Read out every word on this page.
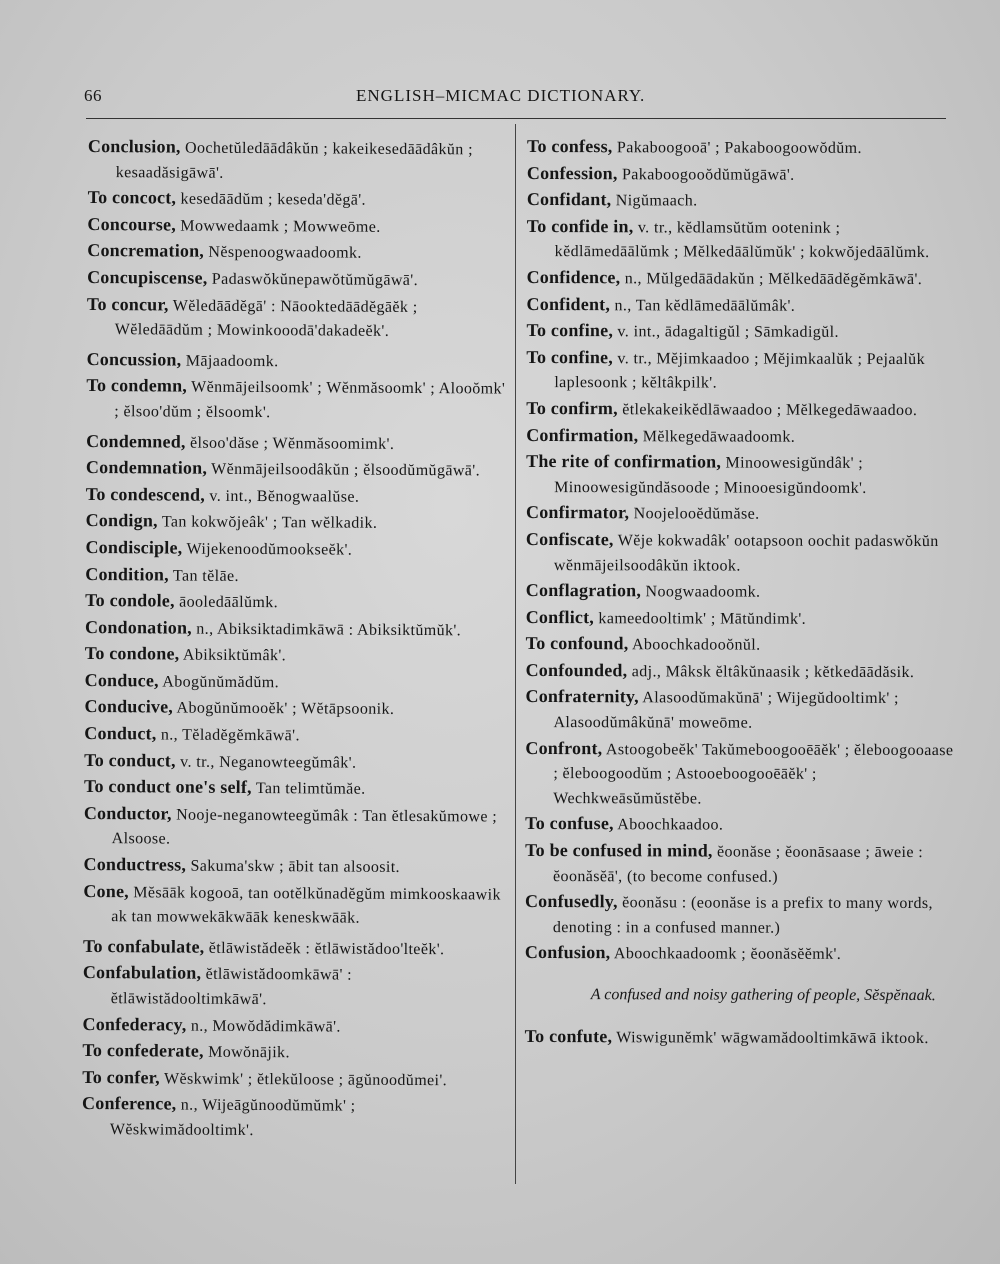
66	ENGLISH–MICMAC DICTIONARY.

Conclusion, Oochetŭledāādâkŭn ; kakeikesedāādâkŭn ; kesaadăsigāwā'.

To concoct, kesedāādŭm ; keseda'dĕgā'.

Concourse, Mowwedaamk ; Mowweōme.

Concremation, Nĕspenoogwaadoomk.

Concupiscense, Padaswŏkŭnepawŏtŭmŭgāwā'.

To concur, Wĕledāādĕgā' : Nāooktedāādĕgāĕk ; Wĕledāādŭm ; Mowinkooodā'dakadeĕk'.

Concussion, Mājaadoomk.

To condemn, Wĕnmājeilsoomk' ; Wĕnmăsoomk' ; Alooŏmk' ; ĕlsoo'dŭm ; ĕlsoomk'.

Condemned, ĕlsoo'dăse ; Wĕnmăsoomimk'.

Condemnation, Wĕnmājeilsoodâkŭn ; ĕlsoodŭmŭgāwā'.

To condescend, v. int., Bĕnogwaalŭse.

Condign, Tan kokwŏjeâk' ; Tan wĕlkadik.

Condisciple, Wijekenoodŭmookseĕk'.

Condition, Tan tĕlāe.

To condole, āooledāālŭmk.

Condonation, n., Abiksiktadimkāwā : Abiksiktŭmŭk'.

To condone, Abiksiktŭmâk'.

Conduce, Abogŭnŭmădŭm.

Conducive, Abogŭnŭmooĕk' ; Wĕtāpsoonik.

Conduct, n., Tĕladĕgĕmkāwā'.

To conduct, v. tr., Neganowteegŭmâk'.

To conduct one's self, Tan telimtŭmăe.

Conductor, Nooje-neganowteegŭmâk : Tan ĕtlesakŭmowe ; Alsoose.

Conductress, Sakuma'skw ; ābit tan alsoosit.

Cone, Mĕsāāk kogooā, tan ootĕlkŭnadĕgŭm mimkooskaawik ak tan mowwekākwāāk keneskwāāk.

To confabulate, ĕtlāwistădeĕk : ĕtlāwistădoo'lteĕk'.

Confabulation, ĕtlāwistădoomkāwā' : ĕtlāwistădooltimkāwā'.

Confederacy, n., Mowŏdădimkāwā'.

To confederate, Mowŏnājik.

To confer, Wĕskwimk' ; ĕtlekŭloose ; āgŭnoodŭmei'.

Conference, n., Wijeāgŭnoodŭmŭmk' ; Wĕskwimădooltimk'.

To confess, Pakaboogooā' ; Pakaboogoowŏdŭm.

Confession, Pakaboogooŏdŭmŭgāwā'.

Confidant, Nigŭmaach.

To confide in, v. tr., kĕdlamsŭtŭm ootenink ; kĕdlāmedāālŭmk ; Mĕlkedāālŭmŭk' ; kokwŏjedāālŭmk.

Confidence, n., Mŭlgedāādakŭn ; Mĕlkedāādĕgĕmkāwā'.

Confident, n., Tan kĕdlāmedāālŭmâk'.

To confine, v. int., ādagaltigŭl ; Sāmkadigŭl.

To confine, v. tr., Mĕjimkaadoo ; Mĕjimkaalŭk ; Pejaalŭk laplesoonk ; kĕltâkpilk'.

To confirm, ĕtlekakeikĕdlāwaadoo ; Mĕlkegedāwaadoo.

Confirmation, Mĕlkegedāwaadoomk.

The rite of confirmation, Minoowesigŭndâk' ; Minoowesigŭndăsoode ; Minooesigŭndoomk'.

Confirmator, Noojelooĕdŭmăse.

Confiscate, Wĕje kokwadâk' ootapsoon oochit padaswŏkŭn wĕnmājeilsoodâkŭn iktook.

Conflagration, Noogwaadoomk.

Conflict, kameedooltimk' ; Mātŭndimk'.

To confound, Aboochkadooŏnŭl.

Confounded, adj., Mâksk ĕltâkŭnaasik ; kĕtkedāādăsik.

Confraternity, Alasoodŭmakŭnā' ; Wijegŭdooltimk' ; Alasoodŭmâkŭnā' moweōme.

Confront, Astoogobeĕk' Takŭmeboogooēāĕk' ; ĕleboogooaase ; ĕleboogoodŭm ; Astooeboogooēāĕk' ; Wechkweāsŭmŭstĕbe.

To confuse, Aboochkaadoo.

To be confused in mind, ĕoonăse ; ĕoonāsaase ; āweie : ĕoonăsĕā', (to become confused.)

Confusedly, ĕoonăsu : (eoonăse is a prefix to many words, denoting : in a confused manner.)

Confusion, Aboochkaadoomk ; ĕoonăsĕĕmk'.

A confused and noisy gathering of people, Sĕspĕnaak.

To confute, Wiswigunĕmk' wāgwamădooltimkāwā iktook.
